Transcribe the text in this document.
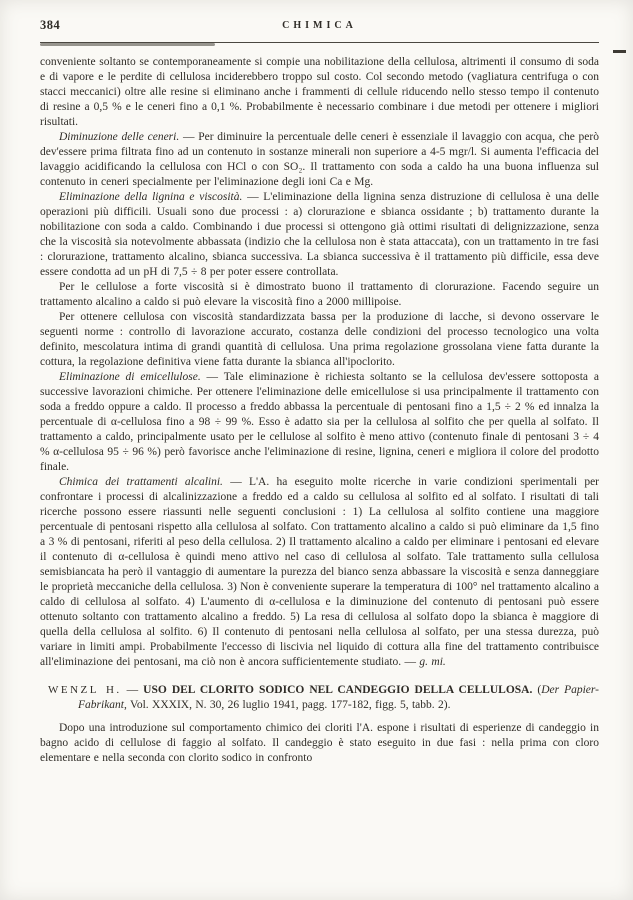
384	CHIMICA

conveniente soltanto se contemporaneamente si compie una nobilitazione della cellulosa, altrimenti il consumo di soda e di vapore e le perdite di cellulosa inciderebbero troppo sul costo. Col secondo metodo (vagliatura centrifuga o con stacci meccanici) oltre alle resine si eliminano anche i frammenti di cellule riducendo nello stesso tempo il contenuto di resine a 0,5 % e le ceneri fino a 0,1 %. Probabilmente è necessario combinare i due metodi per ottenere i migliori risultati.

Diminuzione delle ceneri. — Per diminuire la percentuale delle ceneri è essenziale il lavaggio con acqua, che però dev'essere prima filtrata fino ad un contenuto in sostanze minerali non superiore a 4-5 mgr/l. Si aumenta l'efficacia del lavaggio acidificando la cellulosa con HCl o con SO₂. Il trattamento con soda a caldo ha una buona influenza sul contenuto in ceneri specialmente per l'eliminazione degli ioni Ca e Mg.

Eliminazione della lignina e viscosità. — L'eliminazione della lignina senza distruzione di cellulosa è una delle operazioni più difficili. Usuali sono due processi : a) clorurazione e sbianca ossidante ; b) trattamento durante la nobilitazione con soda a caldo. Combinando i due processi si ottengono già ottimi risultati di delignizzazione, senza che la viscosità sia notevolmente abbassata (indizio che la cellulosa non è stata attaccata), con un trattamento in tre fasi : clorurazione, trattamento alcalino, sbianca successiva. La sbianca successiva è il trattamento più difficile, essa deve essere condotta ad un pH di 7,5 ÷ 8 per poter essere controllata.

Per le cellulose a forte viscosità si è dimostrato buono il trattamento di clorurazione. Facendo seguire un trattamento alcalino a caldo si può elevare la viscosità fino a 2000 millipoise.

Per ottenere cellulosa con viscosità standardizzata bassa per la produzione di lacche, si devono osservare le seguenti norme : controllo di lavorazione accurato, costanza delle condizioni del processo tecnologico una volta definito, mescolatura intima di grandi quantità di cellulosa. Una prima regolazione grossolana viene fatta durante la cottura, la regolazione definitiva viene fatta durante la sbianca all'ipoclorito.

Eliminazione di emicellulose. — Tale eliminazione è richiesta soltanto se la cellulosa dev'essere sottoposta a successive lavorazioni chimiche. Per ottenere l'eliminazione delle emicellulose si usa principalmente il trattamento con soda a freddo oppure a caldo. Il processo a freddo abbassa la percentuale di pentosani fino a 1,5 ÷ 2 % ed innalza la percentuale di α-cellulosa fino a 98 ÷ 99 %. Esso è adatto sia per la cellulosa al solfito che per quella al solfato. Il trattamento a caldo, principalmente usato per le cellulose al solfito è meno attivo (contenuto finale di pentosani 3 ÷ 4 % α-cellulosa 95 ÷ 96 %) però favorisce anche l'eliminazione di resine, lignina, ceneri e migliora il colore del prodotto finale.

Chimica dei trattamenti alcalini. — L'A. ha eseguito molte ricerche in varie condizioni sperimentali per confrontare i processi di alcalinizzazione a freddo ed a caldo su cellulosa al solfito ed al solfato. I risultati di tali ricerche possono essere riassunti nelle seguenti conclusioni : 1) La cellulosa al solfito contiene una maggiore percentuale di pentosani rispetto alla cellulosa al solfato. Con trattamento alcalino a caldo si può eliminare da 1,5 fino a 3 % di pentosani, riferiti al peso della cellulosa. 2) Il trattamento alcalino a caldo per eliminare i pentosani ed elevare il contenuto di α-cellulosa è quindi meno attivo nel caso di cellulosa al solfato. Tale trattamento sulla cellulosa semisbiancata ha però il vantaggio di aumentare la purezza del bianco senza abbassare la viscosità e senza danneggiare le proprietà meccaniche della cellulosa. 3) Non è conveniente superare la temperatura di 100° nel trattamento alcalino a caldo di cellulosa al solfato. 4) L'aumento di α-cellulosa e la diminuzione del contenuto di pentosani può essere ottenuto soltanto con trattamento alcalino a freddo. 5) La resa di cellulosa al solfato dopo la sbianca è maggiore di quella della cellulosa al solfito. 6) Il contenuto di pentosani nella cellulosa al solfato, per una stessa durezza, può variare in limiti ampi. Probabilmente l'eccesso di liscivia nel liquido di cottura alla fine del trattamento contribuisce all'eliminazione dei pentosani, ma ciò non è ancora sufficientemente studiato. — g. mi.

WENZL H. — USO DEL CLORITO SODICO NEL CANDEGGIO DELLA CELLULOSA. (Der Papier-Fabrikant, Vol. XXXIX, N. 30, 26 luglio 1941, pagg. 177-182, figg. 5, tabb. 2).

Dopo una introduzione sul comportamento chimico dei cloriti l'A. espone i risultati di esperienze di candeggio in bagno acido di cellulose di faggio al solfato. Il candeggio è stato eseguito in due fasi : nella prima con cloro elementare e nella seconda con clorito sodico in confronto
